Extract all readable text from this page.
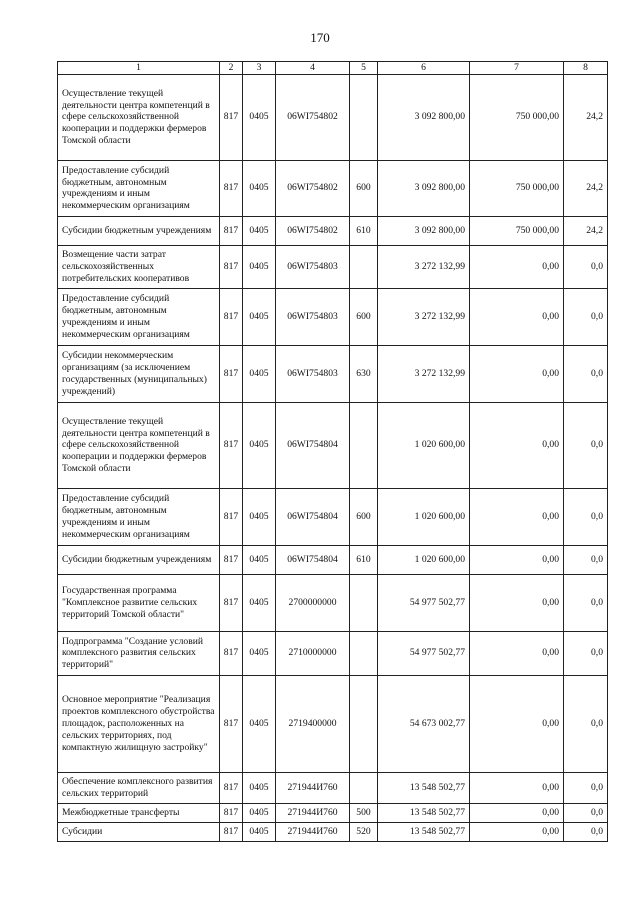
170
1	2	3	4	5	6	7	8
Осуществление текущей деятельности центра компетенций в сфере сельскохозяйственной кооперации и поддержки фермеров Томской области	817	0405	06WI754802		3 092 800,00	750 000,00	24,2
Предоставление субсидий бюджетным, автономным учреждениям и иным некоммерческим организациям	817	0405	06WI754802	600	3 092 800,00	750 000,00	24,2
Субсидии бюджетным учреждениям	817	0405	06WI754802	610	3 092 800,00	750 000,00	24,2
Возмещение части затрат сельскохозяйственных потребительских кооперативов	817	0405	06WI754803		3 272 132,99	0,00	0,0
Предоставление субсидий бюджетным, автономным учреждениям и иным некоммерческим организациям	817	0405	06WI754803	600	3 272 132,99	0,00	0,0
Субсидии некоммерческим организациям (за исключением государственных (муниципальных) учреждений)	817	0405	06WI754803	630	3 272 132,99	0,00	0,0
Осуществление текущей деятельности центра компетенций в сфере сельскохозяйственной кооперации и поддержки фермеров Томской области	817	0405	06WI754804		1 020 600,00	0,00	0,0
Предоставление субсидий бюджетным, автономным учреждениям и иным некоммерческим организациям	817	0405	06WI754804	600	1 020 600,00	0,00	0,0
Субсидии бюджетным учреждениям	817	0405	06WI754804	610	1 020 600,00	0,00	0,0
Государственная программа "Комплексное развитие сельских территорий Томской области"	817	0405	2700000000		54 977 502,77	0,00	0,0
Подпрограмма "Создание условий комплексного развития сельских территорий"	817	0405	2710000000		54 977 502,77	0,00	0,0
Основное мероприятие "Реализация проектов комплексного обустройства площадок, расположенных на сельских территориях, под компактную жилищную застройку"	817	0405	2719400000		54 673 002,77	0,00	0,0
Обеспечение комплексного развития сельских территорий	817	0405	271944И760		13 548 502,77	0,00	0,0
Межбюджетные трансферты	817	0405	271944И760	500	13 548 502,77	0,00	0,0
Субсидии	817	0405	271944И760	520	13 548 502,77	0,00	0,0
